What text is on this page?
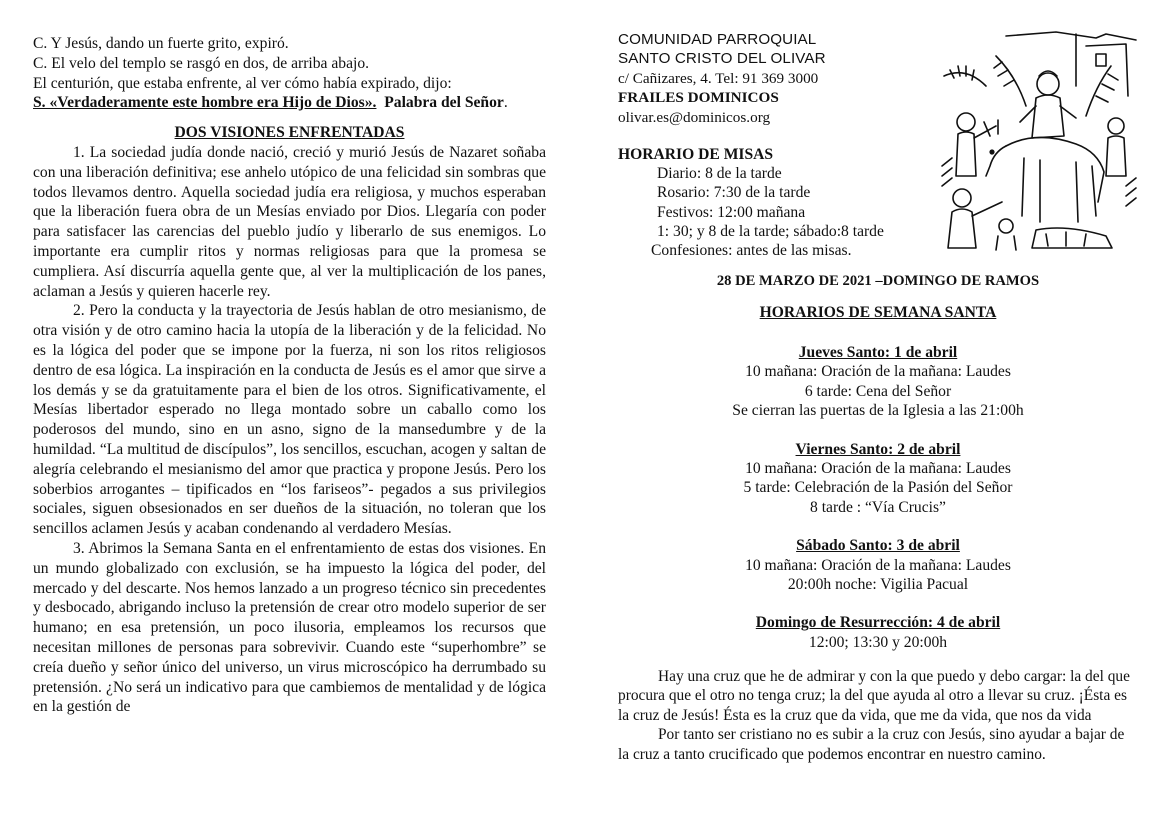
C. Y Jesús, dando un fuerte grito, expiró.
C. El velo del templo se rasgó en dos, de arriba abajo.
El centurión, que estaba enfrente, al ver cómo había expirado, dijo:
S. «Verdaderamente este hombre era Hijo de Dios». Palabra del Señor.

DOS VISIONES ENFRENTADAS

1. La sociedad judía donde nació, creció y murió Jesús de Nazaret soñaba con una liberación definitiva; ese anhelo utópico de una felicidad sin sombras que todos llevamos dentro. Aquella sociedad judía era religiosa, y muchos esperaban que la liberación fuera obra de un Mesías enviado por Dios. Llegaría con poder para satisfacer las carencias del pueblo judío y liberarlo de sus enemigos. Lo importante era cumplir ritos y normas religiosas para que la promesa se cumpliera. Así discurría aquella gente que, al ver la multiplicación de los panes, aclaman a Jesús y quieren hacerle rey.

2. Pero la conducta y la trayectoria de Jesús hablan de otro mesianismo, de otra visión y de otro camino hacia la utopía de la liberación y de la felicidad. No es la lógica del poder que se impone por la fuerza, ni son los ritos religiosos dentro de esa lógica. La inspiración en la conducta de Jesús es el amor que sirve a los demás y se da gratuitamente para el bien de los otros. Significativamente, el Mesías libertador esperado no llega montado sobre un caballo como los poderosos del mundo, sino en un asno, signo de la mansedumbre y de la humildad. “La multitud de discípulos”, los sencillos, escuchan, acogen y saltan de alegría celebrando el mesianismo del amor que practica y propone Jesús. Pero los soberbios arrogantes – tipificados en “los fariseos”- pegados a sus privilegios sociales, siguen obsesionados en ser dueños de la situación, no toleran que los sencillos aclamen Jesús y acaban condenando al verdadero Mesías.

3. Abrimos la Semana Santa en el enfrentamiento de estas dos visiones. En un mundo globalizado con exclusión, se ha impuesto la lógica del poder, del mercado y del descarte. Nos hemos lanzado a un progreso técnico sin precedentes y desbocado, abrigando incluso la pretensión de crear otro modelo superior de ser humano; en esa pretensión, un poco ilusoria, empleamos los recursos que necesitan millones de personas para sobrevivir. Cuando este “superhombre” se creía dueño y señor único del universo, un virus microscópico ha derrumbado su pretensión. ¿No será un indicativo para que cambiemos de mentalidad y de lógica en la gestión de

COMUNIDAD PARROQUIAL
SANTO CRISTO DEL OLIVAR
c/ Cañizares, 4. Tel: 91 369 3000
FRAILES DOMINICOS
olivar.es@dominicos.org
HORARIO DE MISAS
Diario: 8 de la tarde
Rosario: 7:30 de la tarde
Festivos: 12:00 mañana
1: 30; y 8 de la tarde; sábado:8 tarde
Confesiones: antes de las misas.
28 DE MARZO DE 2021 –DOMINGO DE RAMOS
HORARIOS DE SEMANA SANTA
Jueves Santo: 1 de abril
10 mañana: Oración de la mañana: Laudes
6 tarde: Cena del Señor
Se cierran las puertas de la Iglesia a las 21:00h
Viernes Santo: 2 de abril
10 mañana: Oración de la mañana: Laudes
5 tarde: Celebración de la Pasión del Señor
8 tarde : “Vía Crucis”
Sábado Santo: 3 de abril
10 mañana: Oración de la mañana: Laudes
20:00h noche: Vigilia Pacual
Domingo de Resurrección: 4 de abril
12:00; 13:30 y 20:00h

Hay una cruz que he de admirar y con la que puedo y debo cargar: la del que procura que el otro no tenga cruz; la del que ayuda al otro a llevar su cruz. ¡Ésta es la cruz de Jesús! Ésta es la cruz que da vida, que me da vida, que nos da vida

Por tanto ser cristiano no es subir a la cruz con Jesús, sino ayudar a bajar de la cruz a tanto crucificado que podemos encontrar en nuestro camino.
